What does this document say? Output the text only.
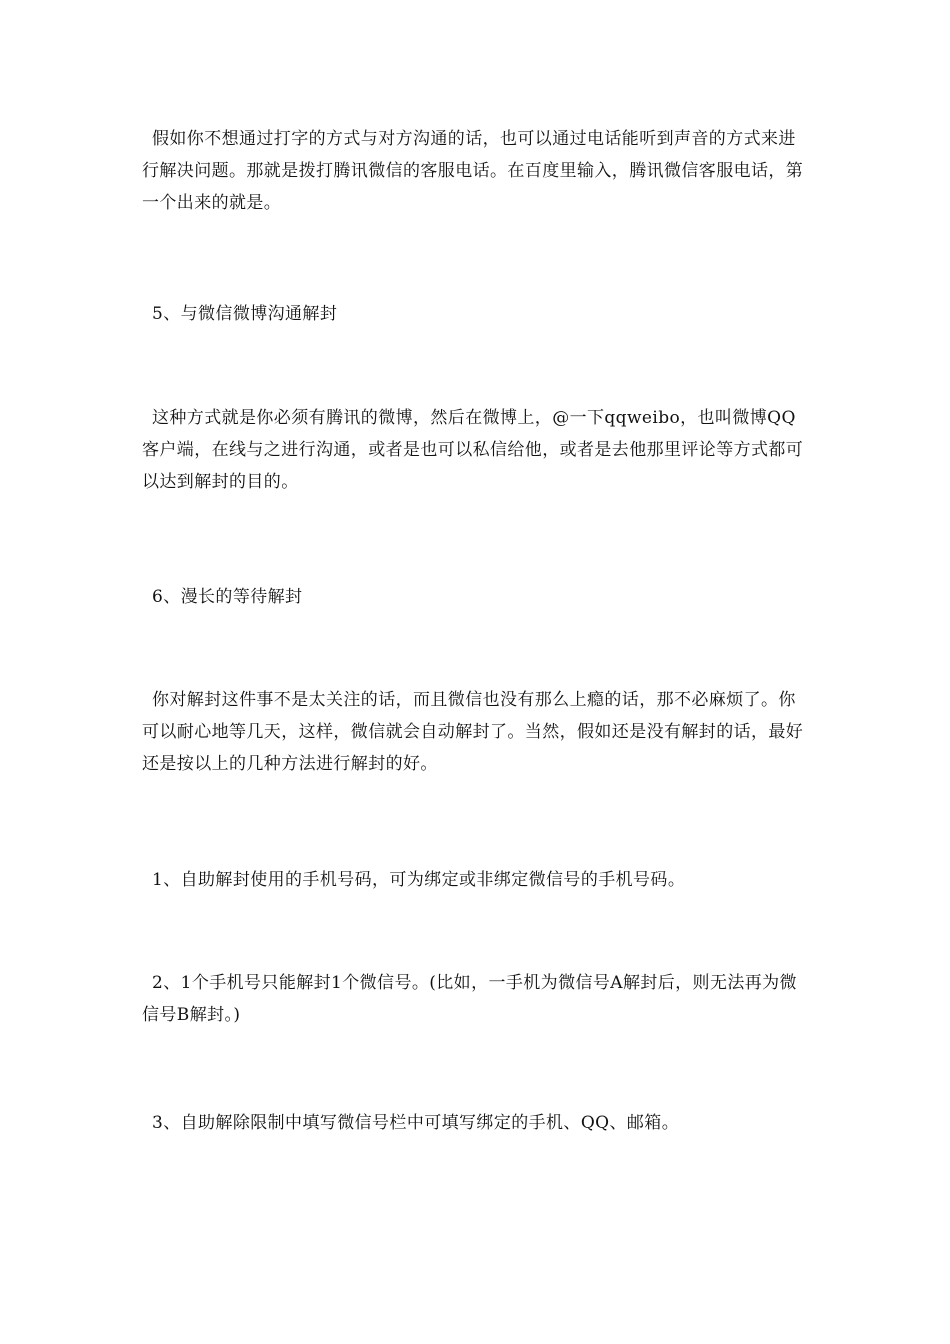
假如你不想通过打字的方式与对方沟通的话，也可以通过电话能听到声音的方式来进行解决问题。那就是拨打腾讯微信的客服电话。在百度里输入，腾讯微信客服电话，第一个出来的就是。

5、与微信微博沟通解封

这种方式就是你必须有腾讯的微博，然后在微博上，@一下qqweibo，也叫微博QQ客户端，在线与之进行沟通，或者是也可以私信给他，或者是去他那里评论等方式都可以达到解封的目的。

6、漫长的等待解封

你对解封这件事不是太关注的话，而且微信也没有那么上瘾的话，那不必麻烦了。你可以耐心地等几天，这样，微信就会自动解封了。当然，假如还是没有解封的话，最好还是按以上的几种方法进行解封的好。

1、自助解封使用的手机号码，可为绑定或非绑定微信号的手机号码。

2、1个手机号只能解封1个微信号。(比如，一手机为微信号A解封后，则无法再为微信号B解封。)

3、自助解除限制中填写微信号栏中可填写绑定的手机、QQ、邮箱。
